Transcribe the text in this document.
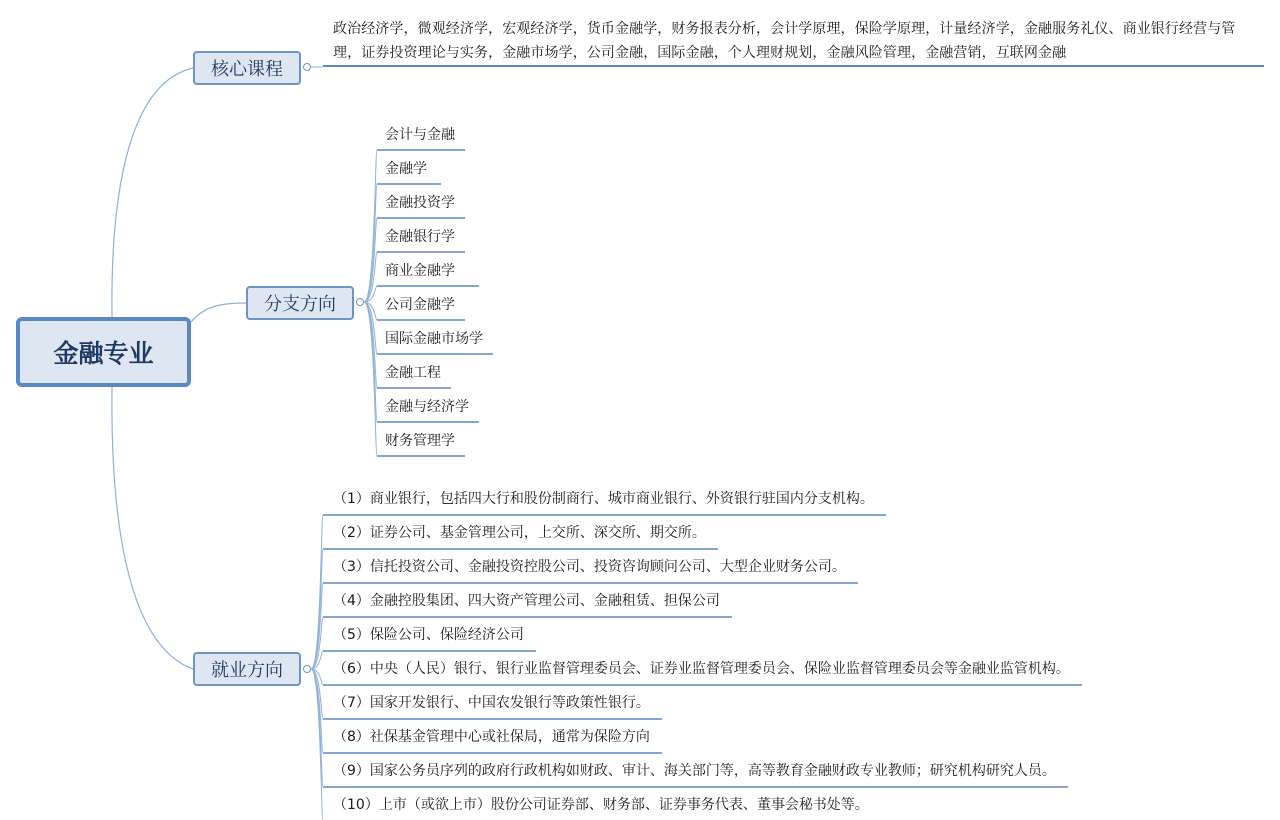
金融专业
核心课程
分支方向
就业方向
政治经济学，微观经济学，宏观经济学，货币金融学，财务报表分析，会计学原理，保险学原理，计量经济学，金融服务礼仪、商业银行经营与管理，证券投资理论与实务，金融市场学，公司金融，国际金融，个人理财规划，金融风险管理，金融营销，互联网金融
会计与金融
金融学
金融投资学
金融银行学
商业金融学
公司金融学
国际金融市场学
金融工程
金融与经济学
财务管理学
（1）商业银行，包括四大行和股份制商行、城市商业银行、外资银行驻国内分支机构。
（2）证券公司、基金管理公司，上交所、深交所、期交所。
（3）信托投资公司、金融投资控股公司、投资咨询顾问公司、大型企业财务公司。
（4）金融控股集团、四大资产管理公司、金融租赁、担保公司
（5）保险公司、保险经济公司
（6）中央（人民）银行、银行业监督管理委员会、证券业监督管理委员会、保险业监督管理委员会等金融业监管机构。
（7）国家开发银行、中国农发银行等政策性银行。
（8）社保基金管理中心或社保局，通常为保险方向
（9）国家公务员序列的政府行政机构如财政、审计、海关部门等，高等教育金融财政专业教师；研究机构研究人员。
（10）上市（或欲上市）股份公司证券部、财务部、证券事务代表、董事会秘书处等。
